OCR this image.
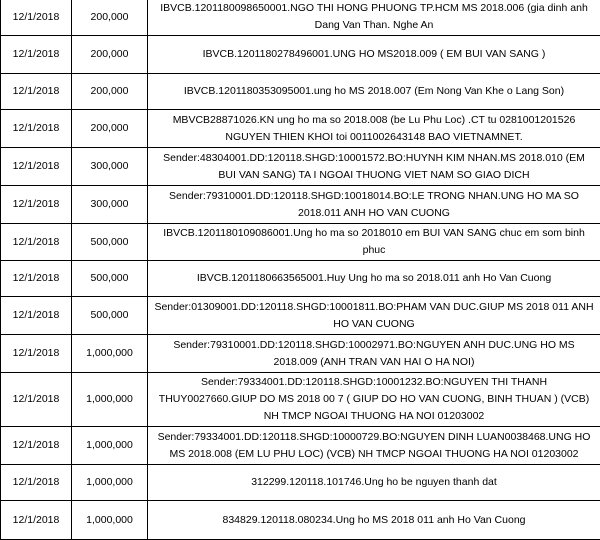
12/1/2018	200,000	IBVCB.1201180098650001.NGO THI HONG PHUONG TP.HCM MS 2018.006 (gia dinh anh Dang Van Than. Nghe An
12/1/2018	200,000	IBVCB.1201180278496001.UNG HO MS2018.009 ( EM BUI VAN SANG )
12/1/2018	200,000	IBVCB.1201180353095001.ung ho MS 2018.007 (Em Nong Van Khe o Lang Son)
12/1/2018	200,000	MBVCB28871026.KN ung ho ma so 2018.008 (be Lu Phu Loc) .CT tu 0281001201526 NGUYEN THIEN KHOI toi 0011002643148 BAO VIETNAMNET.
12/1/2018	300,000	Sender:48304001.DD:120118.SHGD:10001572.BO:HUYNH KIM NHAN.MS 2018.010 (EM BUI VAN SANG) TA I NGOAI THUONG VIET NAM SO GIAO DICH
12/1/2018	300,000	Sender:79310001.DD:120118.SHGD:10018014.BO:LE TRONG NHAN.UNG HO MA SO 2018.011 ANH HO VAN CUONG
12/1/2018	500,000	IBVCB.1201180109086001.Ung ho ma so 2018010 em BUI VAN SANG chuc em som binh phuc
12/1/2018	500,000	IBVCB.1201180663565001.Huy Ung ho ma so 2018.011 anh Ho Van Cuong
12/1/2018	500,000	Sender:01309001.DD:120118.SHGD:10001811.BO:PHAM VAN DUC.GIUP MS 2018 011 ANH HO VAN CUONG
12/1/2018	1,000,000	Sender:79310001.DD:120118.SHGD:10002971.BO:NGUYEN ANH DUC.UNG HO MS 2018.009 (ANH TRAN VAN HAI O HA NOI)
12/1/2018	1,000,000	Sender:79334001.DD:120118.SHGD:10001232.BO:NGUYEN THI THANH THUY0027660.GIUP DO MS 2018 00 7 ( GIUP DO HO VAN CUONG, BINH THUAN ) (VCB) NH TMCP NGOAI THUONG HA NOI 01203002
12/1/2018	1,000,000	Sender:79334001.DD:120118.SHGD:10000729.BO:NGUYEN DINH LUAN0038468.UNG HO MS 2018.008 (EM LU PHU LOC) (VCB) NH TMCP NGOAI THUONG HA NOI 01203002
12/1/2018	1,000,000	312299.120118.101746.Ung ho be nguyen thanh dat
12/1/2018	1,000,000	834829.120118.080234.Ung ho MS 2018 011 anh Ho Van Cuong
